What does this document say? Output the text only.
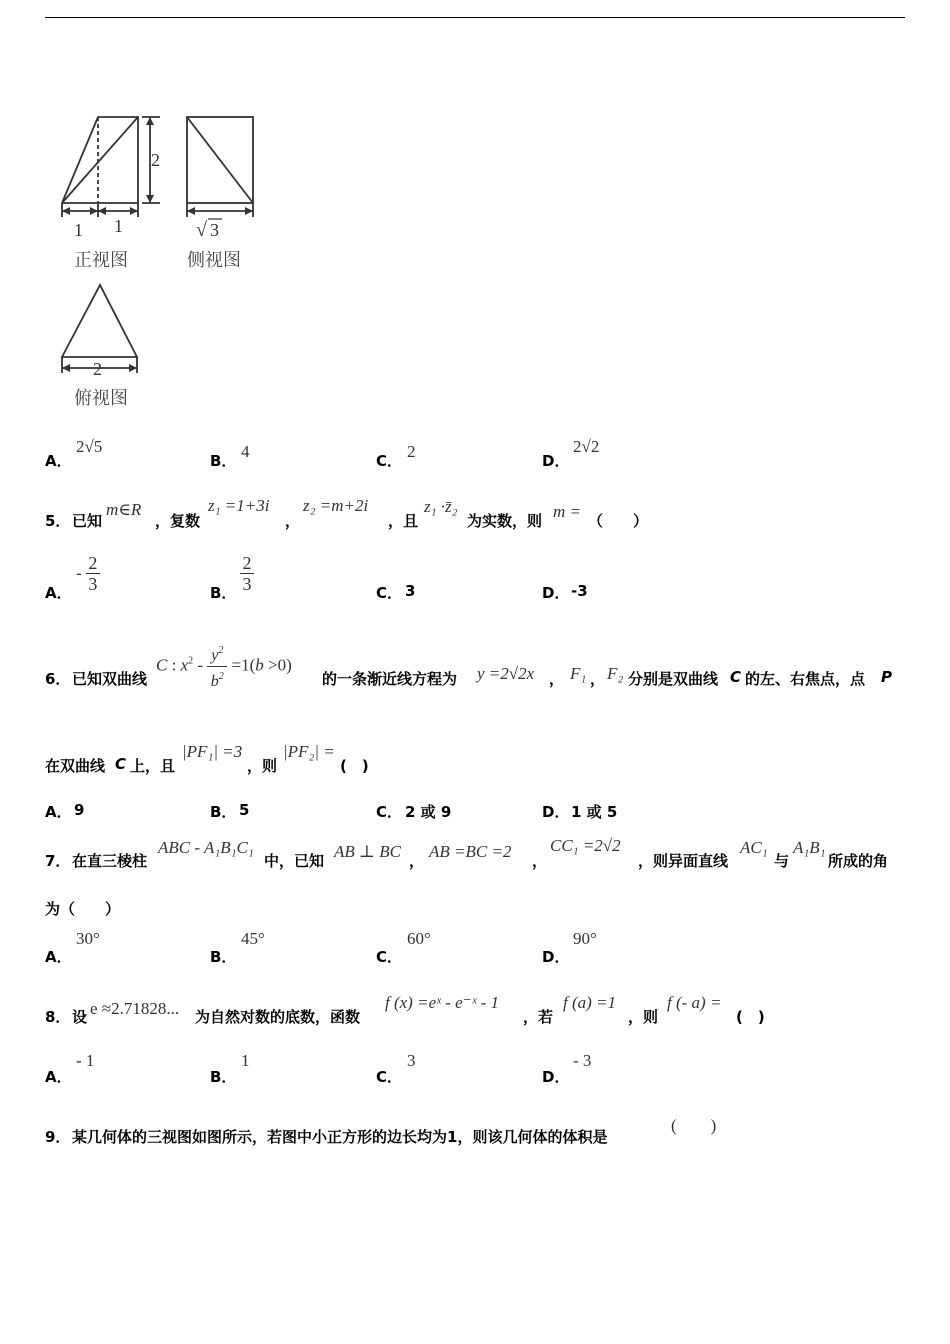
2
1 1	√ 3
2
正视图	侧视图
俯视图
A．
2√5
B． 4	C． 2	D．
2√2
5． 已知
m∈R
，复数
z₁ =1+3i
，
z₂ =m+2i
，且
z₁ ·z̄₂
为实数，则 m = （　　）
A．
- $\frac{2}{3}$	B． $\frac{2}{3}$	C． 3	D． -3
6． 已知双曲线
C : $x^2 - \frac{y^2}{b^2} =1(b >0)$
的一条渐近线方程为 y =2√2x ， F₁ ， F₂ 分别是双曲线 C 的左、右焦点，点 P
在双曲线 C 上，且
|PF₁| =3
，则
|PF₂| =
(　)
A． 9	B． 5	C． 2 或 9	D． 1 或 5
7． 在直三棱柱
ABC - A₁B₁C₁
中，已知 AB ⊥ BC ， AB =BC =2 ，
CC₁ =2√2
，则异面直线
AC₁
与
A₁B₁
所成的角
为（　　）
A．
30°
B．
45°
C．
60°
D．
90°
8． 设 e ≈2.71828... 为自然对数的底数，函数
f (x) =eˣ - e⁻ˣ - 1
，若
f (a) =1
，则
f (- a) =
(　)
A．
- 1
B．
1
C．
3
D．
- 3
9． 某几何体的三视图如图所示，若图中小正方形的边长均为1，则该几何体的体积是
(　　)
